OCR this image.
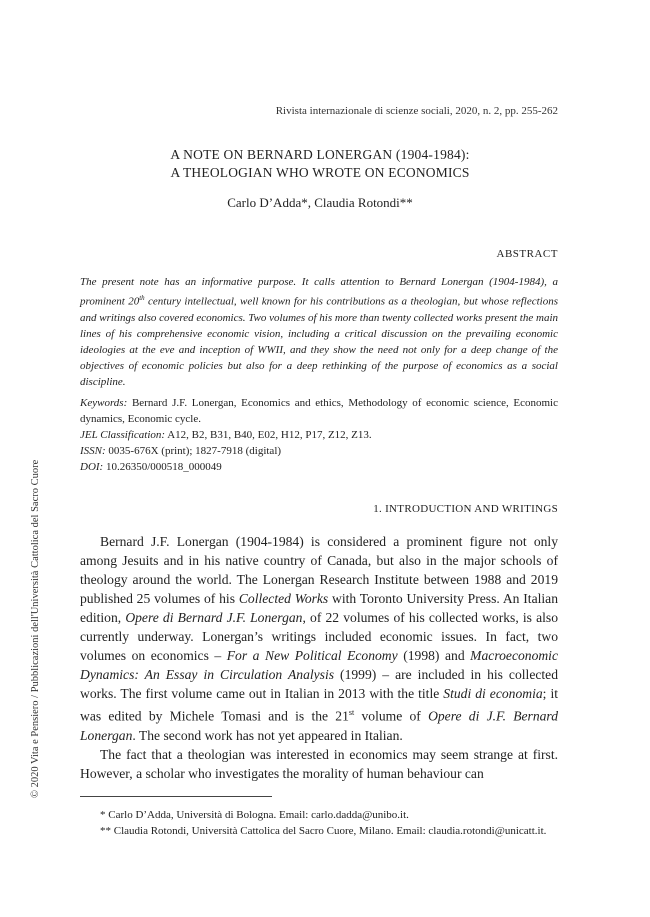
© 2020 Vita e Pensiero / Pubblicazioni dell'Università Cattolica del Sacro Cuore
Rivista internazionale di scienze sociali, 2020, n. 2, pp. 255-262
A NOTE ON BERNARD LONERGAN (1904-1984):
A THEOLOGIAN WHO WROTE ON ECONOMICS
Carlo D’Adda*, Claudia Rotondi**
ABSTRACT
The present note has an informative purpose. It calls attention to Bernard Lonergan (1904-1984), a prominent 20th century intellectual, well known for his contributions as a theologian, but whose reflections and writings also covered economics. Two volumes of his more than twenty collected works present the main lines of his comprehensive economic vision, including a critical discussion on the prevailing economic ideologies at the eve and inception of WWII, and they show the need not only for a deep change of the objectives of economic policies but also for a deep rethinking of the purpose of economics as a social discipline.
Keywords: Bernard J.F. Lonergan, Economics and ethics, Methodology of economic science, Economic dynamics, Economic cycle.
JEL Classification: A12, B2, B31, B40, E02, H12, P17, Z12, Z13.
ISSN: 0035-676X (print); 1827-7918 (digital)
DOI: 10.26350/000518_000049
1. INTRODUCTION AND WRITINGS

Bernard J.F. Lonergan (1904-1984) is considered a prominent figure not only among Jesuits and in his native country of Canada, but also in the major schools of theology around the world. The Lonergan Research Institute between 1988 and 2019 published 25 volumes of his Collected Works with Toronto University Press. An Italian edition, Opere di Bernard J.F. Lonergan, of 22 volumes of his collected works, is also currently underway. Lonergan’s writings included economic issues. In fact, two volumes on economics – For a New Political Economy (1998) and Macroeconomic Dynamics: An Essay in Circulation Analysis (1999) – are included in his collected works. The first volume came out in Italian in 2013 with the title Studi di economia; it was edited by Michele Tomasi and is the 21st volume of Opere di J.F. Bernard Lonergan. The second work has not yet appeared in Italian.

The fact that a theologian was interested in economics may seem strange at first. However, a scholar who investigates the morality of human behaviour can

* Carlo D’Adda, Università di Bologna. Email: carlo.dadda@unibo.it.

** Claudia Rotondi, Università Cattolica del Sacro Cuore, Milano. Email: claudia.rotondi@unicatt.it.
